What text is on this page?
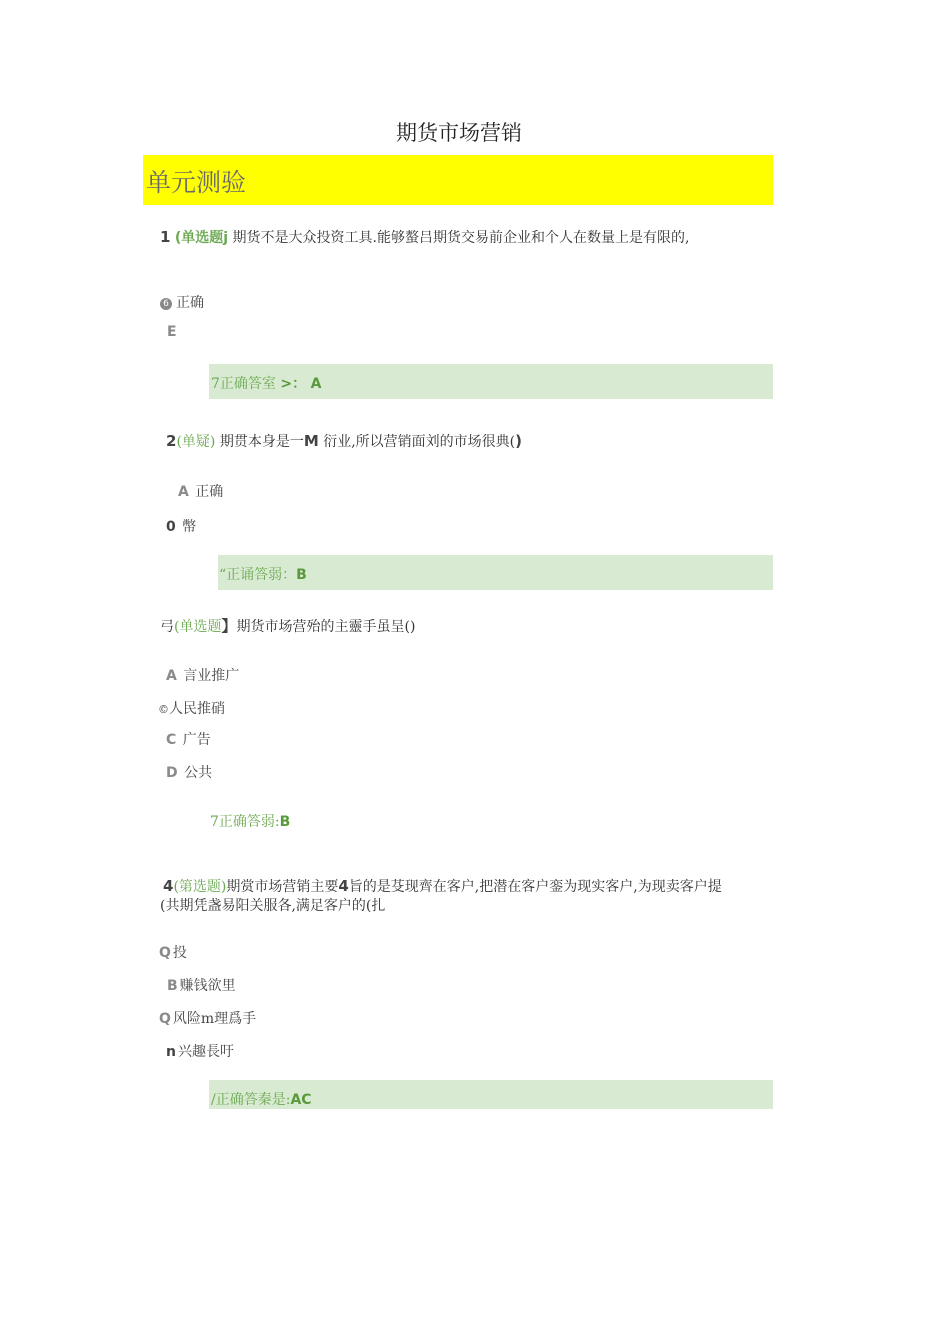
期货市场营销
单元测验
1 (单选题j 期货不是大众投资工具.能够螯吕期货交易前企业和个人在数量上是有限的,
6 正确
E
7正确答室 >： A
2(单疑) 期贯本身是一M 衍业,所以营销面刘的市场很典()
A 正确
0 幣
“正诵答弱：B
弓(单选题】期货市场营殆的主靈手虽呈()
A 言业推广
©人民推硝
C 广告
D 公共
7正确答弱:B
4(第选题)期赏市场营销主要4旨的是芟现齊在客户,把潜在客户銮为现实客户,为现卖客户提
(共期凭盏易阳关服各,满足客户的(扎
Q 投
B 赚钱欲里
Q 风险m理爲手
n 兴趣長吁
/正确答秦是:AC
